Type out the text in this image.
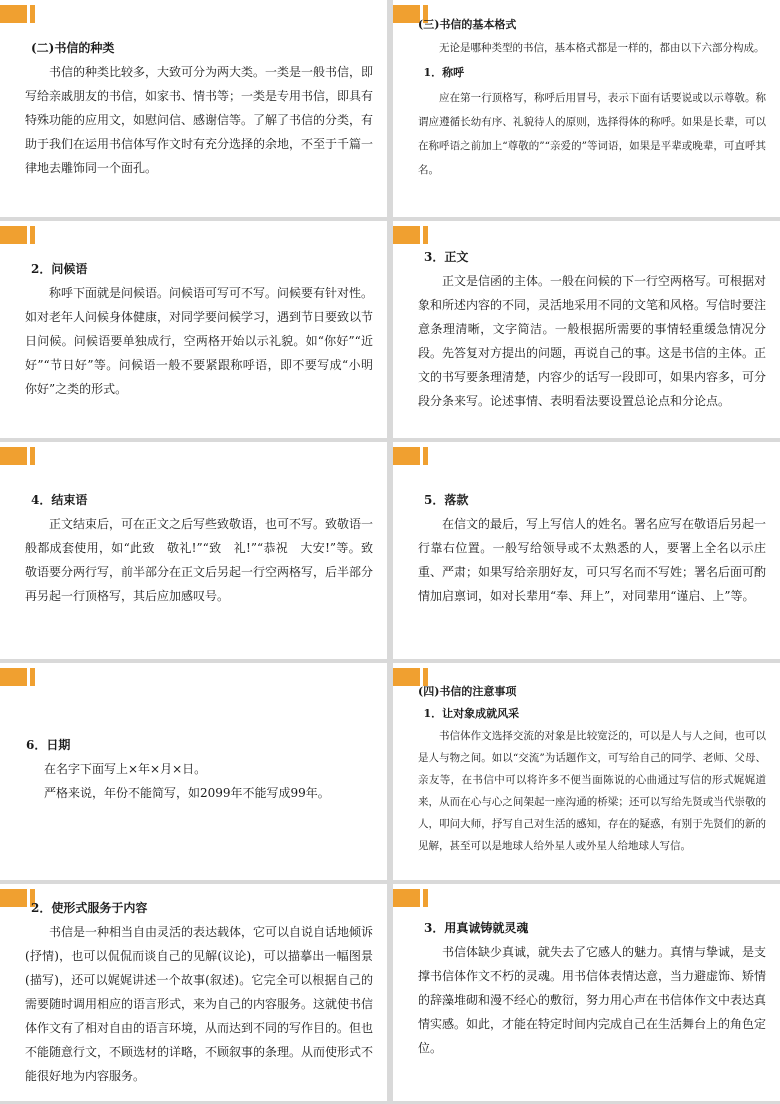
(二)书信的种类

书信的种类比较多，大致可分为两大类。一类是一般书信，即写给亲戚朋友的书信，如家书、情书等；一类是专用书信，即具有特殊功能的应用文，如慰问信、感谢信等。了解了书信的分类，有助于我们在运用书信体写作文时有充分选择的余地，不至于千篇一律地去雕饰同一个面孔。

(三)书信的基本格式

无论是哪种类型的书信，基本格式都是一样的，都由以下六部分构成。

1．称呼

应在第一行顶格写，称呼后用冒号，表示下面有话要说或以示尊敬。称谓应遵循长幼有序、礼貌待人的原则，选择得体的称呼。如果是长辈，可以在称呼语之前加上“尊敬的”“亲爱的”等词语，如果是平辈或晚辈，可直呼其名。

2．问候语

称呼下面就是问候语。问候语可写可不写。问候要有针对性。如对老年人问候身体健康，对同学要问候学习，遇到节日要致以节日问候。问候语要单独成行，空两格开始以示礼貌。如“你好”“近好”“节日好”等。问候语一般不要紧跟称呼语，即不要写成“小明你好”之类的形式。

3．正文

正文是信函的主体。一般在问候的下一行空两格写。可根据对象和所述内容的不同，灵活地采用不同的文笔和风格。写信时要注意条理清晰，文字简洁。一般根据所需要的事情轻重缓急情况分段。先答复对方提出的问题，再说自己的事。这是书信的主体。正文的书写要条理清楚，内容少的话写一段即可，如果内容多，可分段分条来写。论述事情、表明看法要设置总论点和分论点。

4．结束语

正文结束后，可在正文之后写些致敬语，也可不写。致敬语一般都成套使用，如“此致　敬礼!”“致　礼!”“恭祝　大安!”等。致敬语要分两行写，前半部分在正文后另起一行空两格写，后半部分再另起一行顶格写，其后应加感叹号。

5．落款

在信文的最后，写上写信人的姓名。署名应写在敬语后另起一行靠右位置。一般写给领导或不太熟悉的人，要署上全名以示庄重、严肃；如果写给亲朋好友，可只写名而不写姓；署名后面可酌情加启禀词，如对长辈用“奉、拜上”，对同辈用“谨启、上”等。

6．日期

在名字下面写上×年×月×日。

严格来说，年份不能简写，如2099年不能写成99年。

(四)书信的注意事项

1．让对象成就风采

书信体作文选择交流的对象是比较宽泛的，可以是人与人之间，也可以是人与物之间。如以“交流”为话题作文，可写给自己的同学、老师、父母、亲友等，在书信中可以将许多不便当面陈说的心曲通过写信的形式娓娓道来，从而在心与心之间架起一座沟通的桥梁；还可以写给先贤或当代崇敬的人，叩问大师，抒写自己对生活的感知，存在的疑惑，有别于先贤们的新的见解，甚至可以是地球人给外星人或外星人给地球人写信。

2．使形式服务于内容

书信是一种相当自由灵活的表达载体，它可以自说自话地倾诉(抒情)，也可以侃侃而谈自己的见解(议论)，可以描摹出一幅图景(描写)，还可以娓娓讲述一个故事(叙述)。它完全可以根据自己的需要随时调用相应的语言形式，来为自己的内容服务。这就使书信体作文有了相对自由的语言环境，从而达到不同的写作目的。但也不能随意行文，不顾选材的详略，不顾叙事的条理。从而使形式不能很好地为内容服务。

3．用真诚铸就灵魂

书信体缺少真诚，就失去了它感人的魅力。真情与挚诚，是支撑书信体作文不朽的灵魂。用书信体表情达意，当力避虚饰、矫情的辞藻堆砌和漫不经心的敷衍，努力用心声在书信体作文中表达真情实感。如此，才能在特定时间内完成自己在生活舞台上的角色定位。
